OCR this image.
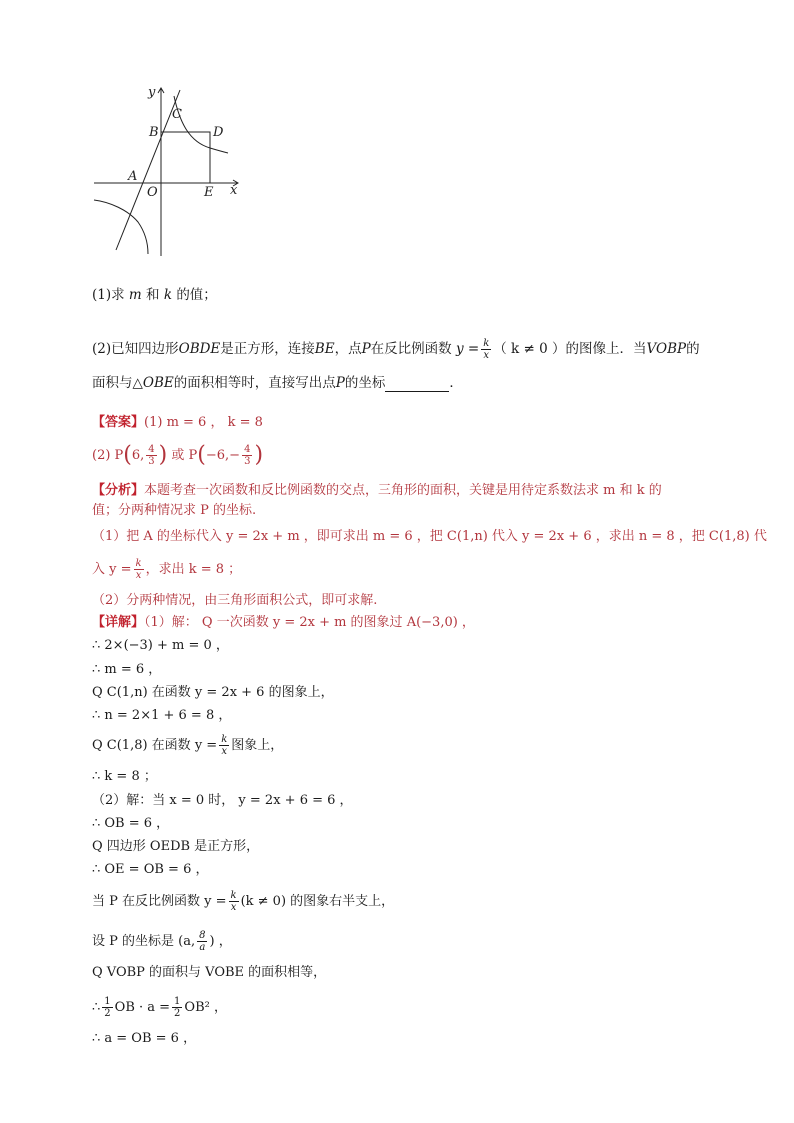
y
C
B	D
A
O	E x
(1)求 m 和 k 的值；
(2)已知四边形OBDE是正方形，连接BE，点P在反比例函数 $y = \frac{k}{x}$ （ k ≠ 0 ）的图像上．当VOBP的
面积与△OBE的面积相等时，直接写出点P的坐标	．
【答案】(1) m = 6 ， k = 8
(2) P(6, $\frac{4}{3}$ ) 或 $P(-6,- \frac{4}{3}$ )
【分析】本题考查一次函数和反比例函数的交点，三角形的面积，关键是用待定系数法求 m 和 k 的
值；分两种情况求 P 的坐标.
（1）把 A 的坐标代入 y = 2x + m ，即可求出 m = 6 ，把 C(1,n) 代入 y = 2x + 6 ，求出 n = 8 ，把 C(1,8) 代
入 $y = \frac{k}{x}$ ，求出 k = 8 ；
（2）分两种情况，由三角形面积公式，即可求解.
【详解】（1）解： Q 一次函数 y = 2x + m 的图象过 A(−3,0) ，
∴ 2×(−3) + m = 0 ，
∴ m = 6 ，
Q C(1,n) 在函数 y = 2x + 6 的图象上，
∴ n = 2×1 + 6 = 8 ，
Q C(1,8) 在函数 $y = \frac{k}{x}$ 图象上，
∴ k = 8 ；
（2）解：当 x = 0 时， y = 2x + 6 = 6 ，
∴ OB = 6 ，
Q 四边形 OEDB 是正方形，
∴ OE = OB = 6 ，
当 P 在反比例函数 $y = \frac{k}{x} (k \ne 0)$ 的图象右半支上，
设 P 的坐标是 (a, $\frac{8}{a}$ ) ，
Q VOBP 的面积与 VOBE 的面积相等，
∴ $\frac{1}{2}$ OB · $a = \frac{1}{2} OB^2$ ，
∴ a = OB = 6 ，
